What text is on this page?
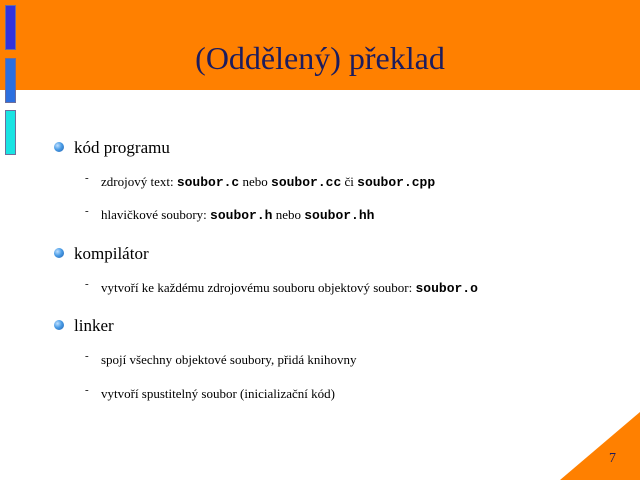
(Oddělený) překlad
kód programu
- zdrojový text: soubor.c nebo soubor.cc či soubor.cpp
- hlavičkové soubory: soubor.h nebo soubor.hh
kompilátor
- vytvoří ke každému zdrojovému souboru objektový soubor: soubor.o
linker
- spojí všechny objektové soubory, přidá knihovny
- vytvoří spustitelný soubor (inicializační kód)
7
